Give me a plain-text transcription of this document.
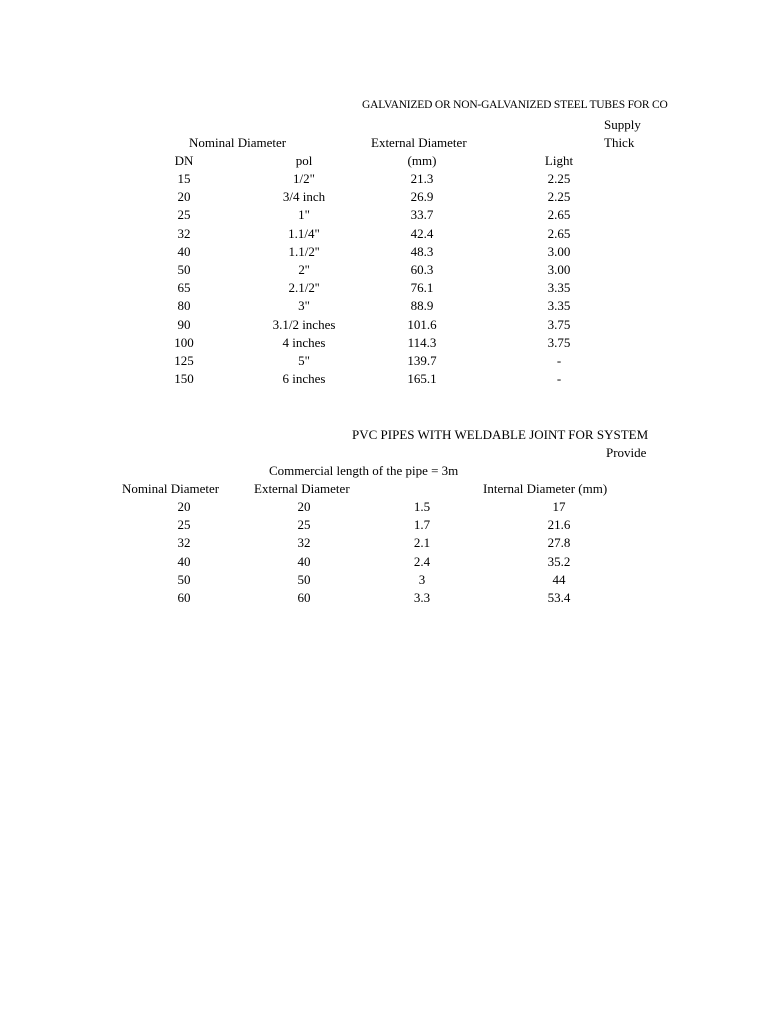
GALVANIZED OR NON-GALVANIZED STEEL TUBES FOR CO
Supply
Nominal Diameter	External Diameter	Thick
DN	pol	(mm)	Light
15	1/2"	21.3	2.25
20	3/4 inch	26.9	2.25
25	1"	33.7	2.65
32	1.1/4"	42.4	2.65
40	1.1/2''	48.3	3.00
50	2''	60.3	3.00
65	2.1/2''	76.1	3.35
80	3"	88.9	3.35
90	3.1/2 inches	101.6	3.75
100	4 inches	114.3	3.75
125	5"	139.7	-
150	6 inches	165.1	-
PVC PIPES WITH WELDABLE JOINT FOR SYSTEM
Provide
Commercial length of the pipe = 3m
Nominal Diameter	External Diameter	Internal Diameter (mm)
20	20	1.5	17
25	25	1.7	21.6
32	32	2.1	27.8
40	40	2.4	35.2
50	50	3	44
60	60	3.3	53.4
